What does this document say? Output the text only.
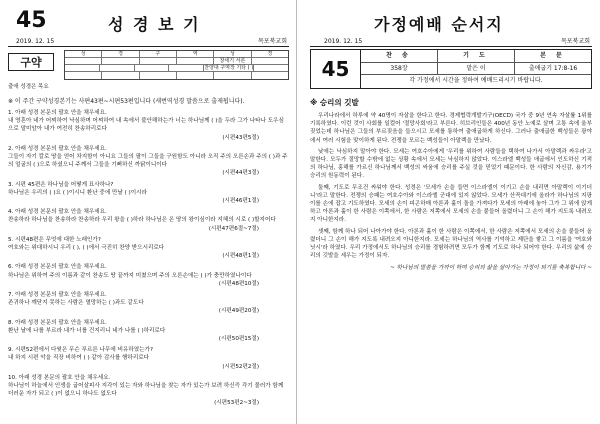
45	성 경 보 기
2019. 12. 15	목포북교회
구약
성	경	구	역	성	경
창세기 서론
찬양대 구역장 기타 ( )
출애 성경은 목요
※ 이 주간 구약성경본기는 사편43편~시편53편입니다 (새번역성경 말씀으로 출제됩니다).
1. 아래 성경 본문의 괄호 안을 채우세요.
내 영혼아 네가 어찌하여 낙심하며 어찌하여 내 속에서 불안해하는가 너는 하나님께 ( )을 두라 그가 나타나 도우심으로 말미암아 내가 여전히 찬송하리로다
(시편43편5절)
2. 아래 성경 본문의 괄호 안을 채우세요.
그들이 자기 칼로 땅을 얻어 차지함이 아니요 그들의 팔이 그들을 구원함도 아니라 오직 주의 오른손과 주의 ( )과 주의 얼굴의 ( )으로 하셨으니 주께서 그들을 기뻐하신 까닭이니이다
(시편44편3절)
3. 시편 45편은 하나님을 어떻게 묘사하나?
하나님은 우리의 ( )요 ( )이시니 환난 중에 만날 ( )이시라
(시편46편1절)
4. 아래 성경 본문의 괄호 안을 채우세요.
찬송하라 하나님을 찬송하라 찬송하라 우리 왕을 ( )하라 하나님은 온 땅의 왕이심이라 지혜의 시로 ( )할지어다
(시편47편6절~7절)
5. 시편48편은 무엇에 대한 노래인가?
여호와는 위대하시니 우리 ( ), ( )에서 극진히 찬양 받으시리로다
(시편48편1절)
6. 아래 성경 본문의 괄호 안을 채우세요.
하나님은 위하여 주의 이름과 같이 찬송도 땅 끝까지 미쳤으며 주의 오른손에는 ( )가 충만하였나이다
(시편48편10절)
7. 아래 성경 본문의 괄호 안을 채우세요.
존귀하나 깨닫지 못하는 사람은 멸망하는 ( )과도 같도다
(시편49편20절)
8. 아래 성경 본문의 괄호 안을 채우세요.
환난 날에 나를 부르라 내가 너를 건지리니 네가 나를 ( )하리로다
(시편50편15절)
9. 시편52편에서 다윗은 무슨 푸르른 나무에 비유하였는가?
내 하지 시편 악을 직장 비하여 ( ) 같아 감사를 행하리로다
(시편52편2절)
10. 아래 성경 본문의 괄호 안을 채우세요.
하나님이 하늘에서 인생을 굽어살피사 지각이 있는 자와 하나님을 찾는 자가 있는가 보려 하신즉 각기 물러가 함께 더러운 자가 되고 ( )이 없으니 하나도 없도다
(시편53편2~3절)
가정예배 순서지
2019. 12. 15	목포북교회
45
찬 송	기 도	본 문
358장	맡은 이	출애굽기 17:8-16
각 가정에서 시간을 정하여 예배드리시기 바랍니다.
※ 승리의 깃발

우리나라에서 하루에 약 40명이 자살을 한다고 한다. 경제협력개발기구(OECD) 국가 중 9년 연속 자살률 1위를 기록하였다. 이런 것이 사회를 일컬어 '절망사회'라고 부른다. 히브리인들은 400년 동안 노예로 살며 고통 속에 울부짖었는데 하나님은 그들의 부르짖음을 들으시고 모세를 통하여 출애굽하게 하신다. 그러나 출애굽한 백성들은 광야에서 여러 시험을 맞이하게 된다. 전쟁을 모르는 백성들이 아말렉을 만났다.

낮에는 낙심하지 말아야 한다. 모세는 여호수아에게 '우리를 위하여 사람들을 택하여 나가서 아말렉과 싸우라'고 말한다. 모두가 절망할 수밖에 없는 상황 속에서 모세는 낙심하지 않았다. 이스라엘 백성들 애굽에서 인도하신 기적의 하나님, 홍해를 가르신 하나님께서 백성의 싸움에 승리를 주실 것을 믿었기 때문이다. 한 사람의 자신감, 용기가 승리의 원동력이 된다.

둘째, 기도로 무조건 싸워야 한다. 성경은 '모세가 손을 들면 이스라엘이 이기고 손을 내리면 아말렉이 이기더니'라고 말한다. 전쟁의 승패는 여호수아와 이스라엘 군대에 있지 않았다. 모세가 산꼭대기에 올라가 하나님의 지팡이를 손에 잡고 기도하였다. 모세의 손이 피곤하매 아론과 훌이 돌을 가져다가 모세의 아래에 놓아 그가 그 위에 앉게 하고 아론과 훌이 한 사람은 이쪽에서, 한 사람은 저쪽에서 모세의 손을 붙들어 올렸더니 그 손이 해가 지도록 내려오지 아니한지라.

셋째, 함께 하나 되어 나아가야 한다. 아론과 훌이 한 사람은 이쪽에서, 한 사람은 저쪽에서 모세의 손을 붙들어 올렸더니 그 손이 해가 지도록 내려오지 아니한지라. 모세는 하나님의 역사를 기억하고 제단을 쌓고 그 이름을 '여호와 닛시'라 하였다. 우리 가정에서도 하나님의 승리를 경험하려면 모두가 함께 기도로 하나 되어야 한다. 우리의 삶에 승리의 깃발을 세우는 가정이 되자.

~ 하나님의 말씀을 가까이 하며 승리의 삶을 살아가는 가정이 되기를 축복합니다 ~
